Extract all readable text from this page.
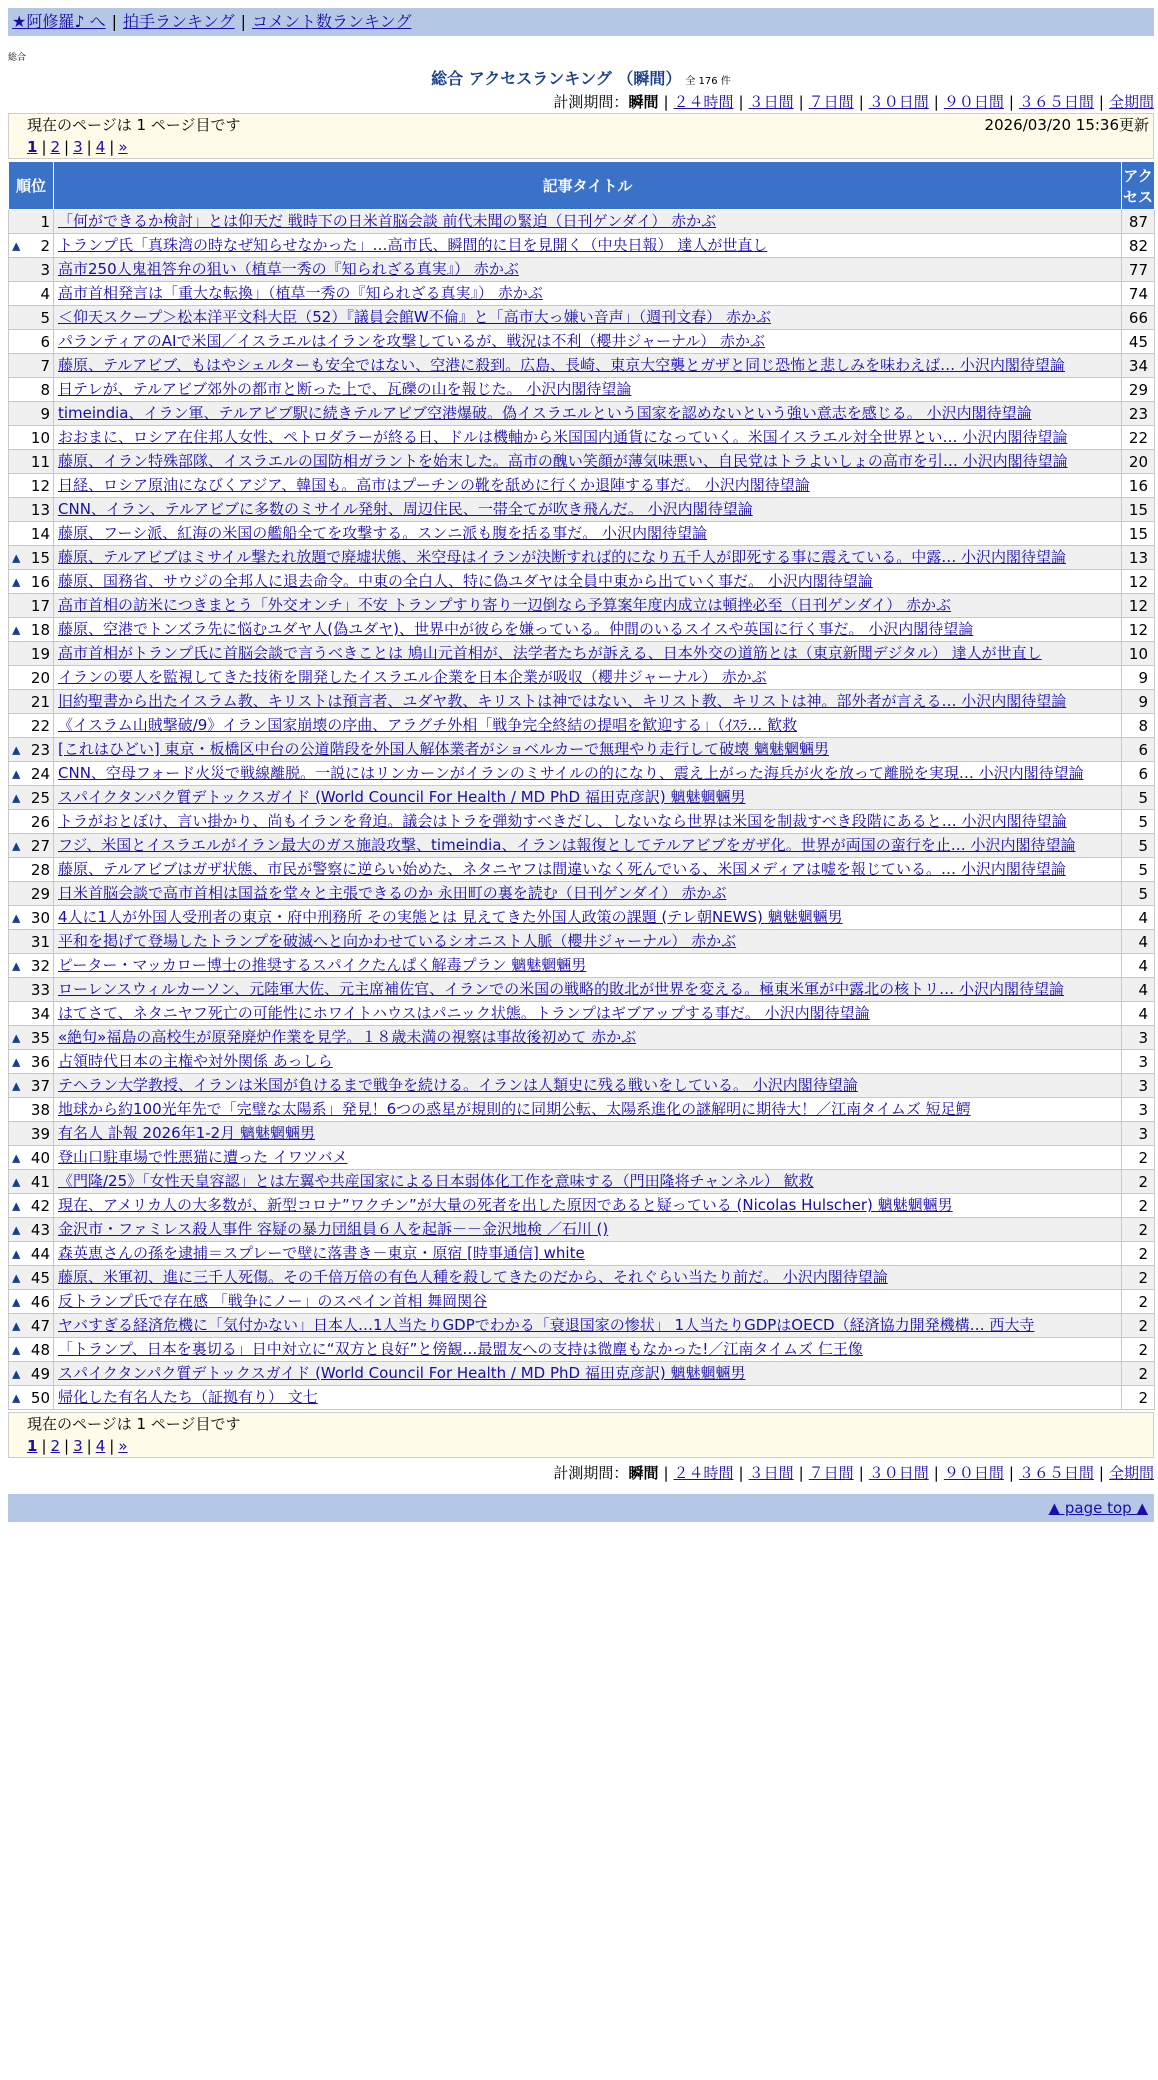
★阿修羅♪ へ | 拍手ランキング | コメント数ランキング
総合
総合 アクセスランキング （瞬間） 全 176 件
計測期間：瞬間 | ２４時間 | ３日間 | ７日間 | ３０日間 | ９０日間 | ３６５日間 | 全期間
現在のページは 1 ページ目です	2026/03/20 15:36更新
1 | 2 | 3 | 4 | »
順位	記事タイトル	アクセス
1	「何ができるか検討」とは仰天だ 戦時下の日米首脳会談 前代未聞の緊迫（日刊ゲンダイ） 赤かぶ	87

▲ 2	トランプ氏「真珠湾の時なぜ知らせなかった」…高市氏、瞬間的に目を見開く（中央日報） 達人が世直し	82
3	高市250人鬼祖答弁の狙い（植草一秀の『知られざる真実』） 赤かぶ	77
4	高市首相発言は「重大な転換」（植草一秀の『知られざる真実』） 赤かぶ	74
5	＜仰天スクープ＞松本洋平文科大臣（52）『議員会館W不倫』と「高市大っ嫌い音声」（週刊文春） 赤かぶ	66
6	パランティアのAIで米国／イスラエルはイランを攻撃しているが、戦況は不利（櫻井ジャーナル） 赤かぶ	45
7	藤原、テルアビブ、もはやシェルターも安全ではない、空港に殺到。広島、長崎、東京大空襲とガザと同じ恐怖と悲しみを味わえば… 小沢内閣待望論	34
8	日テレが、テルアビブ郊外の都市と断った上で、瓦礫の山を報じた。 小沢内閣待望論	29
9	timeindia、イラン軍、テルアビブ駅に続きテルアビブ空港爆破。偽イスラエルという国家を認めないという強い意志を感じる。 小沢内閣待望論	23
10	おおまに、ロシア在住邦人女性、ペトロダラーが終る日、ドルは機軸から米国国内通貨になっていく。米国イスラエル対全世界とい… 小沢内閣待望論	22
11	藤原、イラン特殊部隊、イスラエルの国防相ガラントを始末した。高市の醜い笑顔が薄気味悪い、自民党はトラよいしょの高市を引… 小沢内閣待望論	20
12	日経、ロシア原油になびくアジア、韓国も。高市はプーチンの靴を舐めに行くか退陣する事だ。 小沢内閣待望論	16
13	CNN、イラン、テルアビブに多数のミサイル発射、周辺住民、一帯全てが吹き飛んだ。 小沢内閣待望論	15
14	藤原、フーシ派、紅海の米国の艦船全てを攻撃する。スンニ派も腹を括る事だ。 小沢内閣待望論	15

▲ 15	藤原、テルアビブはミサイル撃たれ放題で廃墟状態、米空母はイランが決断すれば的になり五千人が即死する事に震えている。中露… 小沢内閣待望論	13

▲ 16	藤原、国務省、サウジの全邦人に退去命令。中東の全白人、特に偽ユダヤは全員中東から出ていく事だ。 小沢内閣待望論	12
17	高市首相の訪米につきまとう「外交オンチ」不安 トランプすり寄り一辺倒なら予算案年度内成立は頓挫必至（日刊ゲンダイ） 赤かぶ	12

▲ 18	藤原、空港でトンズラ先に悩むユダヤ人(偽ユダヤ)、世界中が彼らを嫌っている。仲間のいるスイスや英国に行く事だ。 小沢内閣待望論	12
19	高市首相がトランプ氏に首脳会談で言うべきことは 鳩山元首相が、法学者たちが訴える、日本外交の道筋とは（東京新聞デジタル） 達人が世直し	10
20	イランの要人を監視してきた技術を開発したイスラエル企業を日本企業が吸収（櫻井ジャーナル） 赤かぶ	9
21	旧約聖書から出たイスラム教、キリストは預言者、ユダヤ教、キリストは神ではない、キリスト教、キリストは神。部外者が言える… 小沢内閣待望論	9
22	《イスラム山賊撃破/9》イラン国家崩壊の序曲、アラグチ外相「戦争完全終結の提唱を歓迎する」（ｲｽﾗ… 歓救	8

▲ 23	[これはひどい] 東京・板橋区中台の公道階段を外国人解体業者がショベルカーで無理やり走行して破壊 魑魅魍魎男	6

▲ 24	CNN、空母フォード火災で戦線離脱。一説にはリンカーンがイランのミサイルの的になり、震え上がった海兵が火を放って離脱を実現… 小沢内閣待望論	6

▲ 25	スパイクタンパク質デトックスガイド (World Council For Health / MD PhD 福田克彦訳) 魑魅魍魎男	5
26	トラがおとぼけ、言い掛かり、尚もイランを脅迫。議会はトラを弾劾すべきだし、しないなら世界は米国を制裁すべき段階にあると… 小沢内閣待望論	5

▲ 27	フジ、米国とイスラエルがイラン最大のガス施設攻撃、timeindia、イランは報復としてテルアビブをガザ化。世界が両国の蛮行を止… 小沢内閣待望論	5
28	藤原、テルアビブはガザ状態、市民が警察に逆らい始めた、ネタニヤフは間違いなく死んでいる、米国メディアは嘘を報じている。… 小沢内閣待望論	5
29	日米首脳会談で高市首相は国益を堂々と主張できるのか 永田町の裏を読む（日刊ゲンダイ） 赤かぶ	5

▲ 30	4人に1人が外国人受刑者の東京・府中刑務所 その実態とは 見えてきた外国人政策の課題 (テレ朝NEWS) 魑魅魍魎男	4
31	平和を掲げて登場したトランプを破滅へと向かわせているシオニスト人脈（櫻井ジャーナル） 赤かぶ	4

▲ 32	ピーター・マッカロー博士の推奨するスパイクたんぱく解毒プラン 魑魅魍魎男	4
33	ローレンスウィルカーソン、元陸軍大佐、元主席補佐官、イランでの米国の戦略的敗北が世界を変える。極東米軍が中露北の核トリ… 小沢内閣待望論	4
34	はてさて、ネタニヤフ死亡の可能性にホワイトハウスはパニック状態。トランプはギブアップする事だ。 小沢内閣待望論	4

▲ 35	«絶句»福島の高校生が原発廃炉作業を見学。１８歳未満の視察は事故後初めて 赤かぶ	3

▲ 36	占領時代日本の主権や対外関係 あっしら	3

▲ 37	テヘラン大学教授、イランは米国が負けるまで戦争を続ける。イランは人類史に残る戦いをしている。 小沢内閣待望論	3
38	地球から約100光年先で「完璧な太陽系」発見！6つの惑星が規則的に同期公転、太陽系進化の謎解明に期待大！／江南タイムズ 短足鰐	3
39	有名人 訃報 2026年1-2月 魑魅魍魎男	3

▲ 40	登山口駐車場で性悪猫に遭った イワツバメ	2

▲ 41	《門隆/25》「女性天皇容認」とは左翼や共産国家による日本弱体化工作を意味する（門田隆将チャンネル） 歓救	2

▲ 42	現在、アメリカ人の大多数が、新型コロナ”ワクチン”が大量の死者を出した原因であると疑っている (Nicolas Hulscher) 魑魅魍魎男	2

▲ 43	金沢市・ファミレス殺人事件 容疑の暴力団組員６人を起訴－－金沢地検 ／石川 ()	2

▲ 44	森英恵さんの孫を逮捕＝スプレーで壁に落書き－東京・原宿 [時事通信] white	2

▲ 45	藤原、米軍初、進に三千人死傷。その千倍万倍の有色人種を殺してきたのだから、それぐらい当たり前だ。 小沢内閣待望論	2

▲ 46	反トランプ氏で存在感 「戦争にノー」のスペイン首相 舞岡関谷	2

▲ 47	ヤバすぎる経済危機に「気付かない」日本人…1人当たりGDPでわかる「衰退国家の惨状」 1人当たりGDPはOECD（経済協力開発機構… 西大寺	2

▲ 48	「トランプ、日本を裏切る」日中対立に“双方と良好”と傍観…最盟友への支持は微塵もなかった!／江南タイムズ 仁王像	2

▲ 49	スパイクタンパク質デトックスガイド (World Council For Health / MD PhD 福田克彦訳) 魑魅魍魎男	2

▲ 50	帰化した有名人たち（証拠有り） 文七	2
現在のページは 1 ページ目です
1 | 2 | 3 | 4 | »
計測期間：瞬間 | ２４時間 | ３日間 | ７日間 | ３０日間 | ９０日間 | ３６５日間 | 全期間
▲ page top ▲
